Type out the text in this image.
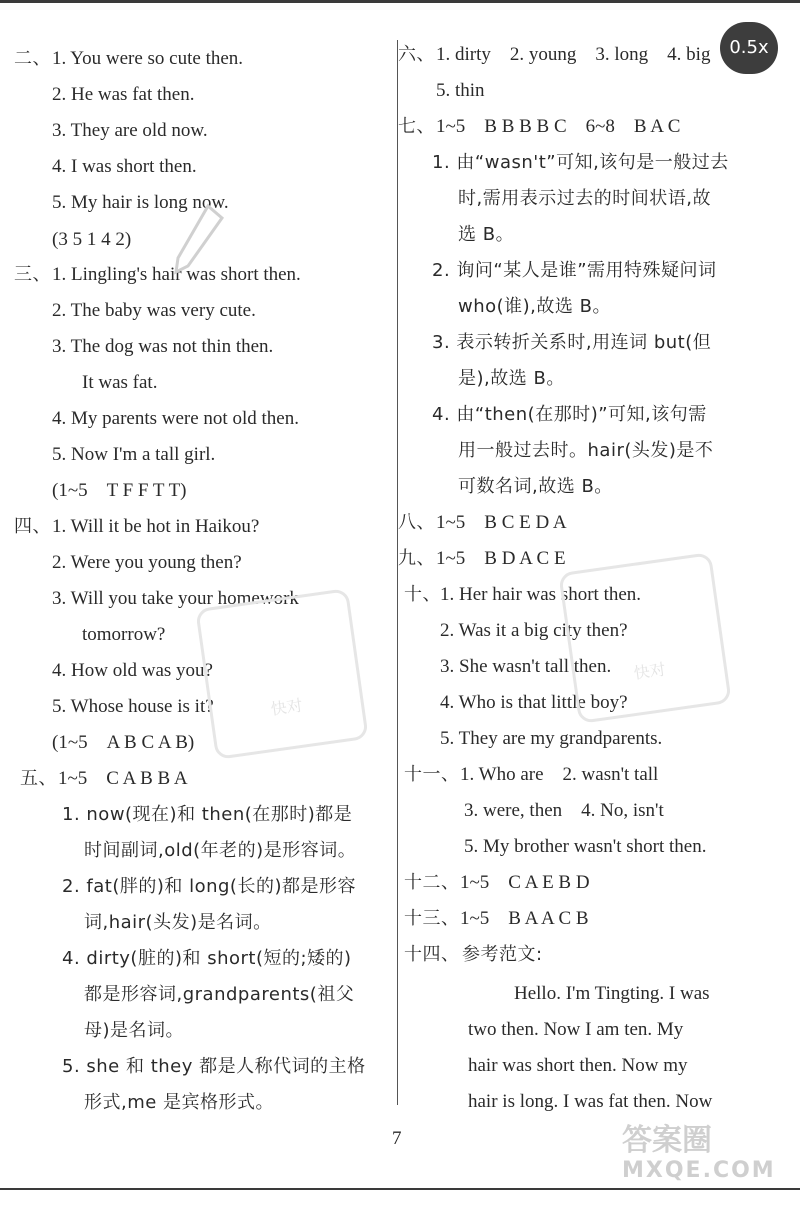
二、 1. You were so cute then.
2. He was fat then.
3. They are old now.
4. I was short then.
5. My hair is long now.
(3 5 1 4 2)
三、 1. Lingling's hair was short then.
2. The baby was very cute.
3. The dog was not thin then.
It was fat.
4. My parents were not old then.
5. Now I'm a tall girl.
(1~5　T F F T T)
四、 1. Will it be hot in Haikou?
2. Were you young then?
3. Will you take your homework
tomorrow?
4. How old was you?
5. Whose house is it?
(1~5　A B C A B)
五、 1~5　C A B B A
1. now(现在)和 then(在那时)都是
时间副词,old(年老的)是形容词。
2. fat(胖的)和 long(长的)都是形容
词,hair(头发)是名词。
4. dirty(脏的)和 short(短的;矮的)
都是形容词,grandparents(祖父
母)是名词。
5. she 和 they 都是人称代词的主格
形式,me 是宾格形式。
六、 1. dirty　2. young　3. long　4. big
5. thin
七、 1~5　B B B B C　6~8　B A C
1. 由“wasn't”可知,该句是一般过去
时,需用表示过去的时间状语,故
选 B。
2. 询问“某人是谁”需用特殊疑问词
who(谁),故选 B。
3. 表示转折关系时,用连词 but(但
是),故选 B。
4. 由“then(在那时)”可知,该句需
用一般过去时。hair(头发)是不
可数名词,故选 B。
八、 1~5　B C E D A
九、 1~5　B D A C E
十、 1. Her hair was short then.
2. Was it a big city then?
3. She wasn't tall then.
4. Who is that little boy?
5. They are my grandparents.
十一、 1. Who are　2. wasn't tall
3. were, then　4. No, isn't
5. My brother wasn't short then.
十二、 1~5　C A E B D
十三、 1~5　B A A C B
十四、 参考范文:
Hello. I'm Tingting. I was
two then. Now I am ten. My
hair was short then. Now my
hair is long. I was fat then. Now
7
快对
快对
答案圈
MXQE.COM
0.5x
